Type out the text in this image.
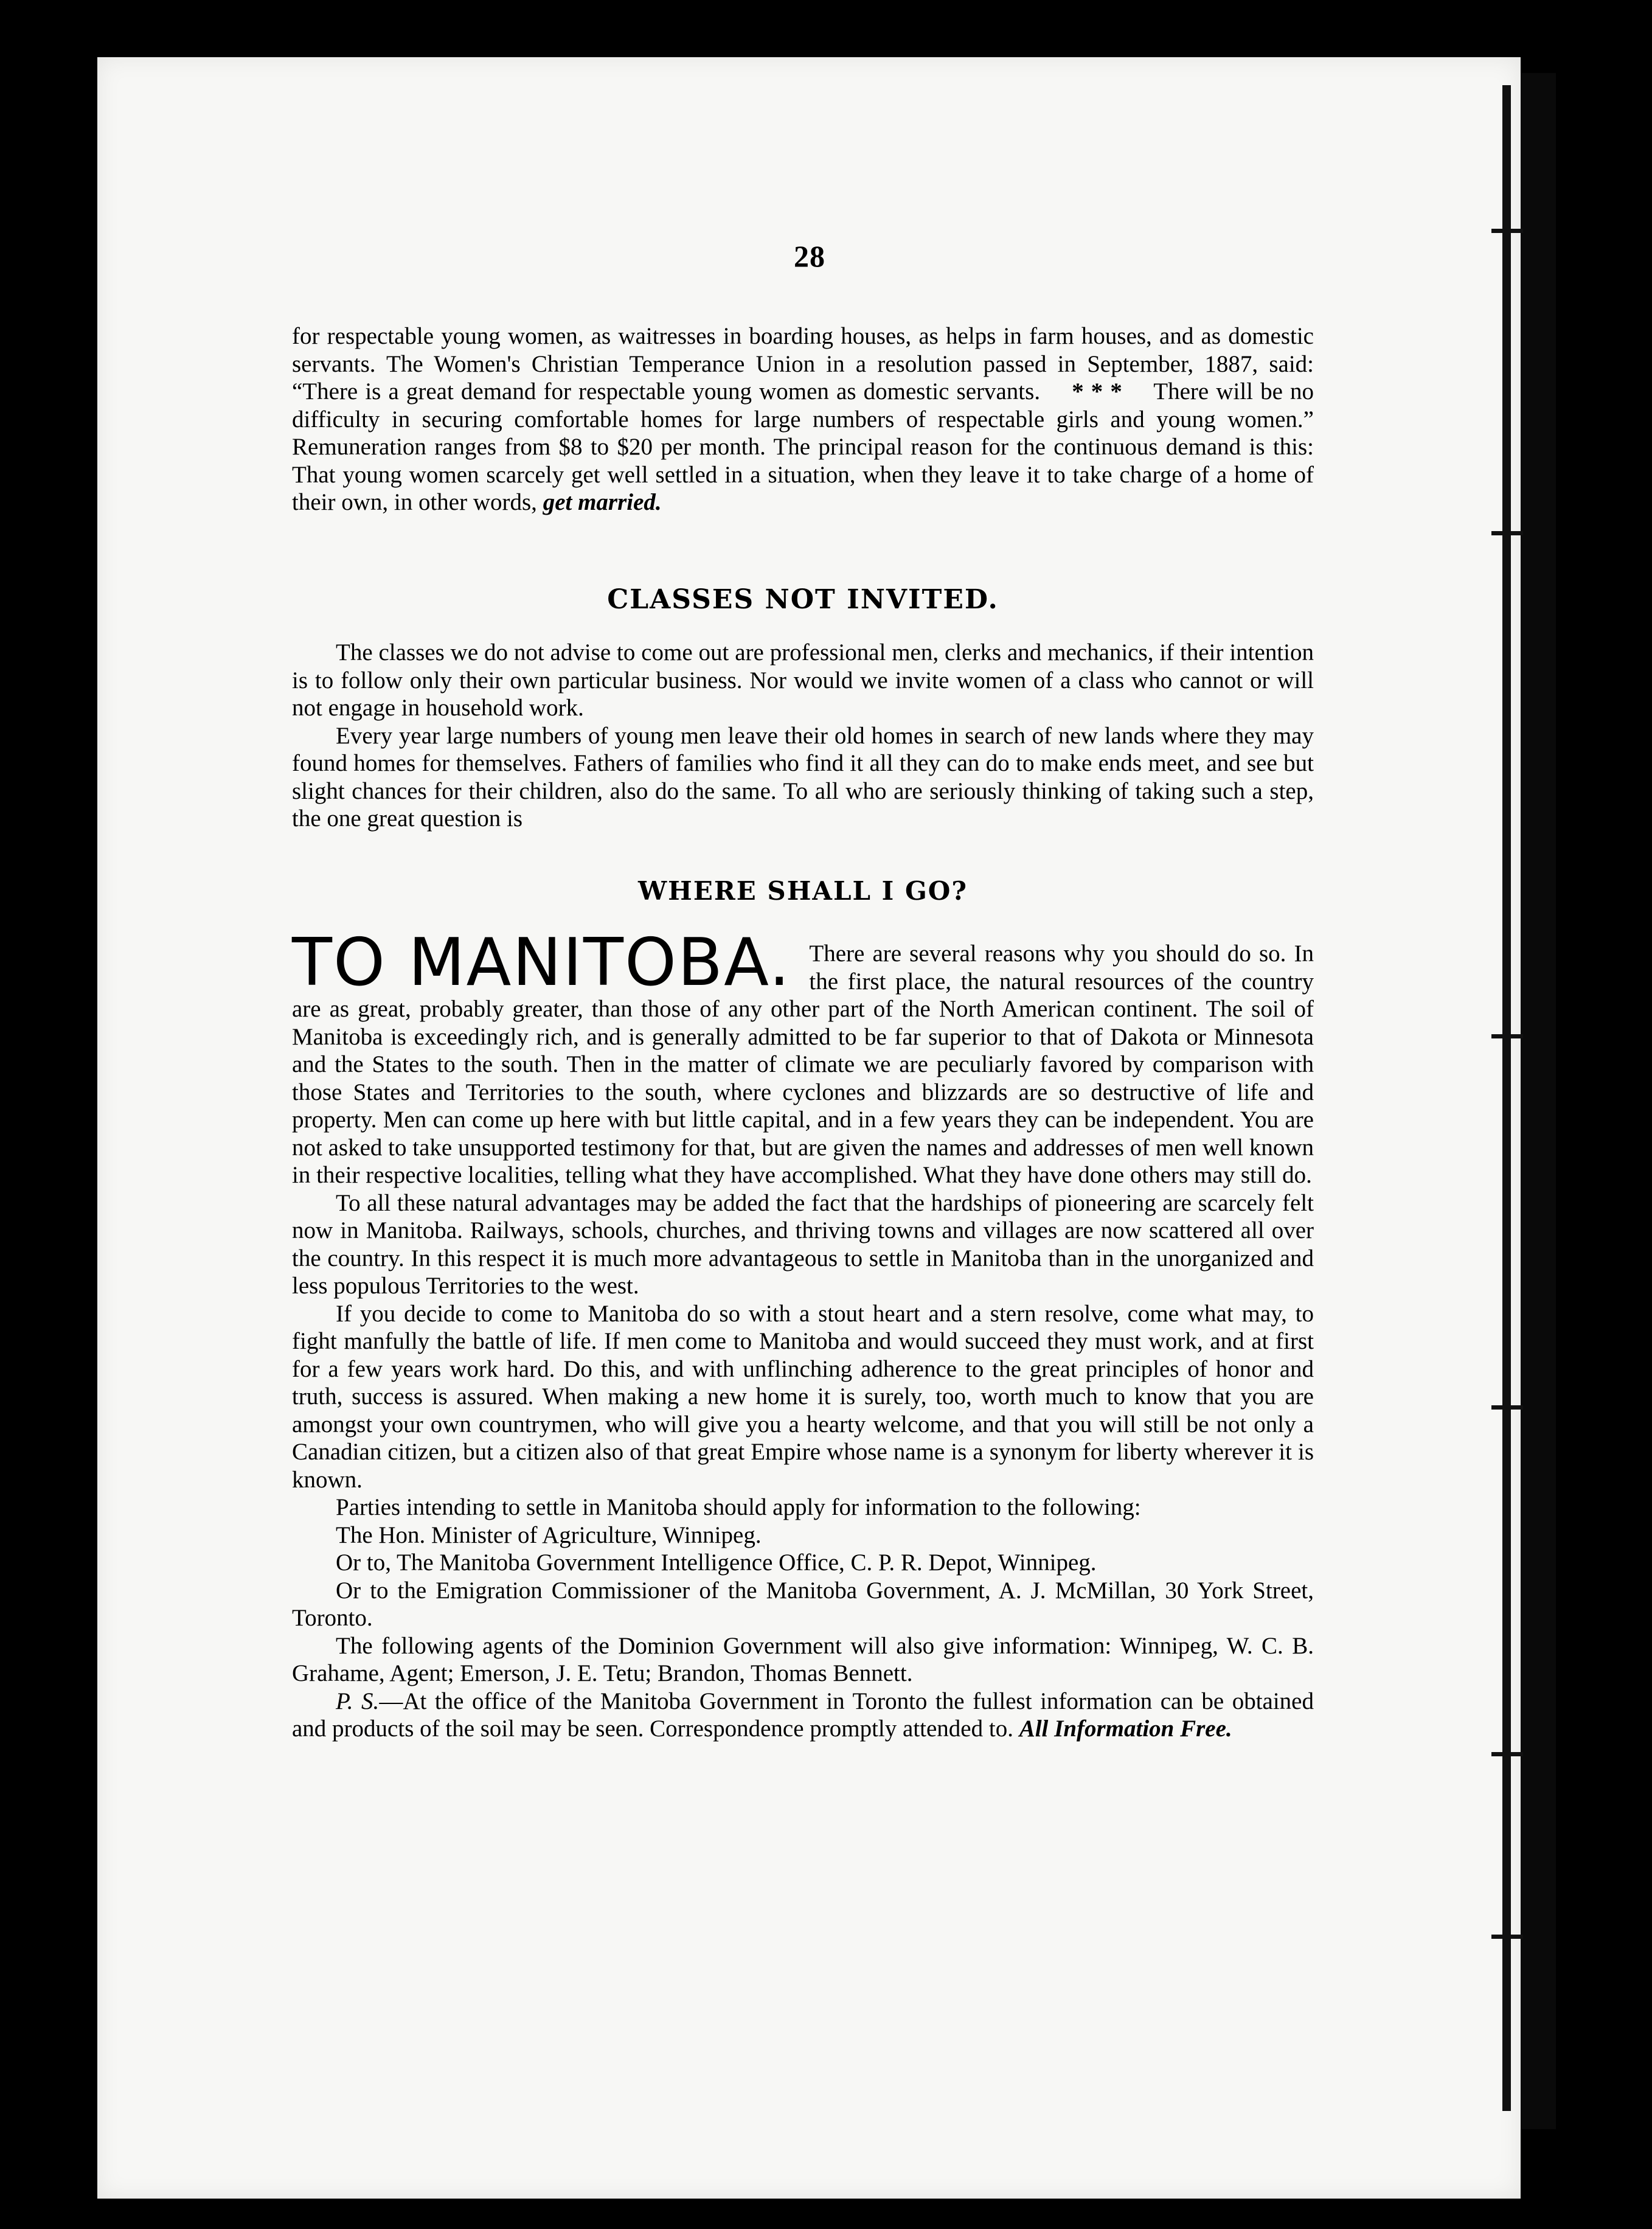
28

for respectable young women, as waitresses in boarding houses, as helps in farm houses, and as domestic servants. The Women's Christian Temperance Union in a resolution passed in September, 1887, said: “There is a great demand for respectable young women as domestic servants. * * * There will be no difficulty in securing comfortable homes for large numbers of respectable girls and young women.” Remuneration ranges from $8 to $20 per month. The principal reason for the continuous demand is this: That young women scarcely get well settled in a situation, when they leave it to take charge of a home of their own, in other words, get married.

CLASSES NOT INVITED.

The classes we do not advise to come out are professional men, clerks and mechanics, if their intention is to follow only their own particular business. Nor would we invite women of a class who cannot or will not engage in household work.

Every year large numbers of young men leave their old homes in search of new lands where they may found homes for themselves. Fathers of families who find it all they can do to make ends meet, and see but slight chances for their children, also do the same. To all who are seriously thinking of taking such a step, the one great question is

WHERE SHALL I GO?

TO MANITOBA. There are several reasons why you should do so. In the first place, the natural resources of the country are as great, probably greater, than those of any other part of the North American continent. The soil of Manitoba is exceedingly rich, and is generally admitted to be far superior to that of Dakota or Minnesota and the States to the south. Then in the matter of climate we are peculiarly favored by comparison with those States and Territories to the south, where cyclones and blizzards are so destructive of life and property. Men can come up here with but little capital, and in a few years they can be independent. You are not asked to take unsupported testimony for that, but are given the names and addresses of men well known in their respective localities, telling what they have accomplished. What they have done others may still do.

To all these natural advantages may be added the fact that the hardships of pioneering are scarcely felt now in Manitoba. Railways, schools, churches, and thriving towns and villages are now scattered all over the country. In this respect it is much more advantageous to settle in Manitoba than in the unorganized and less populous Territories to the west.

If you decide to come to Manitoba do so with a stout heart and a stern resolve, come what may, to fight manfully the battle of life. If men come to Manitoba and would succeed they must work, and at first for a few years work hard. Do this, and with unflinching adherence to the great principles of honor and truth, success is assured. When making a new home it is surely, too, worth much to know that you are amongst your own countrymen, who will give you a hearty welcome, and that you will still be not only a Canadian citizen, but a citizen also of that great Empire whose name is a synonym for liberty wherever it is known.

Parties intending to settle in Manitoba should apply for information to the following:

The Hon. Minister of Agriculture, Winnipeg.

Or to, The Manitoba Government Intelligence Office, C. P. R. Depot, Winnipeg.

Or to the Emigration Commissioner of the Manitoba Government, A. J. McMillan, 30 York Street, Toronto.

The following agents of the Dominion Government will also give information: Winnipeg, W. C. B. Grahame, Agent; Emerson, J. E. Tetu; Brandon, Thomas Bennett.

P. S.—At the office of the Manitoba Government in Toronto the fullest information can be obtained and products of the soil may be seen. Correspondence promptly attended to. All Information Free.
